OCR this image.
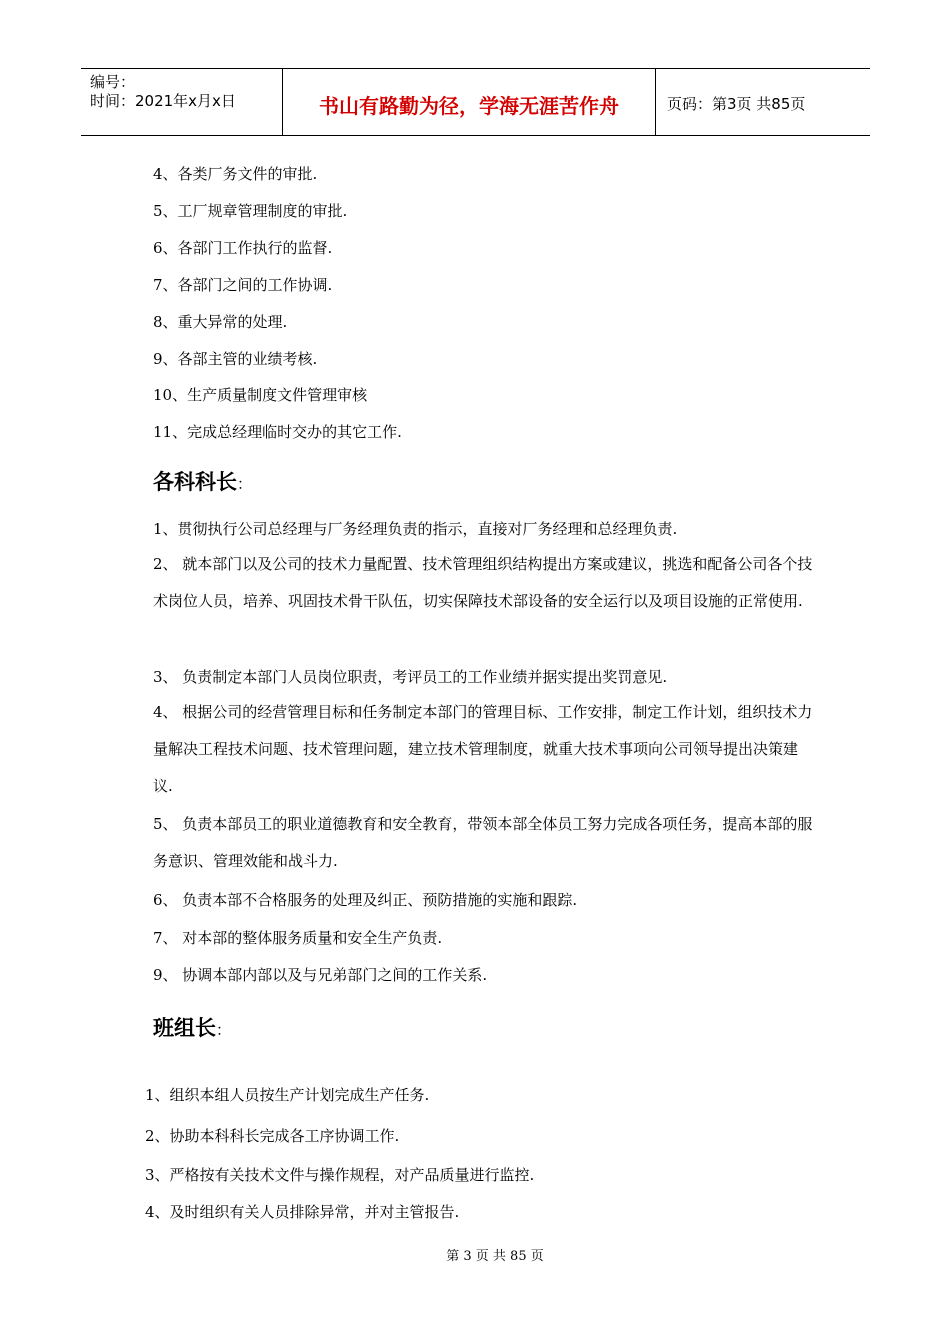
编号：
时间：2021年x月x日	书山有路勤为径，学海无涯苦作舟	页码：第3页 共85页
4、各类厂务文件的审批.
5、工厂规章管理制度的审批.
6、各部门工作执行的监督.
7、各部门之间的工作协调.
8、重大异常的处理.
9、各部主管的业绩考核.
10、生产质量制度文件管理审核
11、完成总经理临时交办的其它工作.
各科科长：
1、贯彻执行公司总经理与厂务经理负责的指示，直接对厂务经理和总经理负责.
2、 就本部门以及公司的技术力量配置、技术管理组织结构提出方案或建议，挑选和配备公司各个技术岗位人员，培养、巩固技术骨干队伍，切实保障技术部设备的安全运行以及项目设施的正常使用.
3、 负责制定本部门人员岗位职责，考评员工的工作业绩并据实提出奖罚意见.
4、 根据公司的经营管理目标和任务制定本部门的管理目标、工作安排，制定工作计划，组织技术力量解决工程技术问题、技术管理问题，建立技术管理制度，就重大技术事项向公司领导提出决策建议.
5、 负责本部员工的职业道德教育和安全教育，带领本部全体员工努力完成各项任务，提高本部的服务意识、管理效能和战斗力.
6、 负责本部不合格服务的处理及纠正、预防措施的实施和跟踪.
7、 对本部的整体服务质量和安全生产负责.
9、 协调本部内部以及与兄弟部门之间的工作关系.
班组长：
1、组织本组人员按生产计划完成生产任务.
2、协助本科科长完成各工序协调工作.
3、严格按有关技术文件与操作规程，对产品质量进行监控.
4、及时组织有关人员排除异常，并对主管报告.
第 3 页 共 85 页
